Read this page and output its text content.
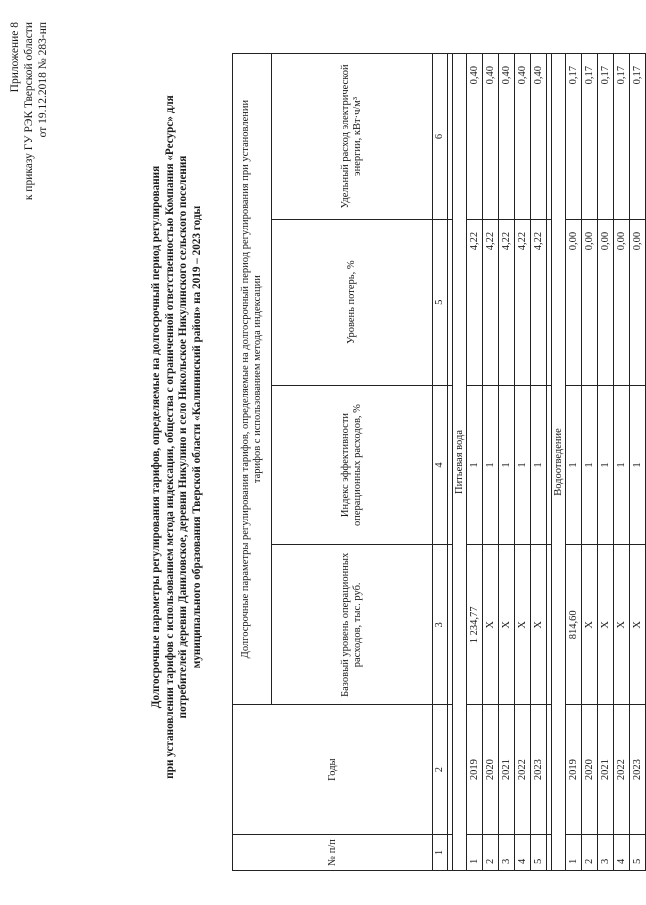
Приложение 8 к приказу ГУ РЭК Тверской области от 19.12.2018 № 283-нп
Долгосрочные параметры регулирования тарифов, определяемые на долгосрочный период регулирования при установлении тарифов с использованием метода индексации, общества с ограниченной ответственностью Компания «Ресурс» для потребителей деревни Даниловское, деревни Никулино и село Никольское Никулинского сельского поселения муниципального образования Тверской области «Калининский район» на 2019 – 2023 годы
№ п/п	Годы	Долгосрочные параметры регулирования тарифов, определяемые на долгосрочный период регулирования при установлении тарифов с использованием метода индексации			
		Базовый уровень операционных расходов, тыс. руб.	Индекс эффективности операционных расходов, %	Уровень потерь, %	Удельный расход электрической энергии, кВт·ч/м³
1	2	3	4	5	6

Питьевая вода					
1	2019	1 234,77	1	4,22	0,40
2	2020	X	1	4,22	0,40
3	2021	X	1	4,22	0,40
4	2022	X	1	4,22	0,40
5	2023	X	1	4,22	0,40

Водоотведение					
1	2019	814,60	1	0,00	0,17
2	2020	X	1	0,00	0,17
3	2021	X	1	0,00	0,17
4	2022	X	1	0,00	0,17
5	2023	X	1	0,00	0,17
